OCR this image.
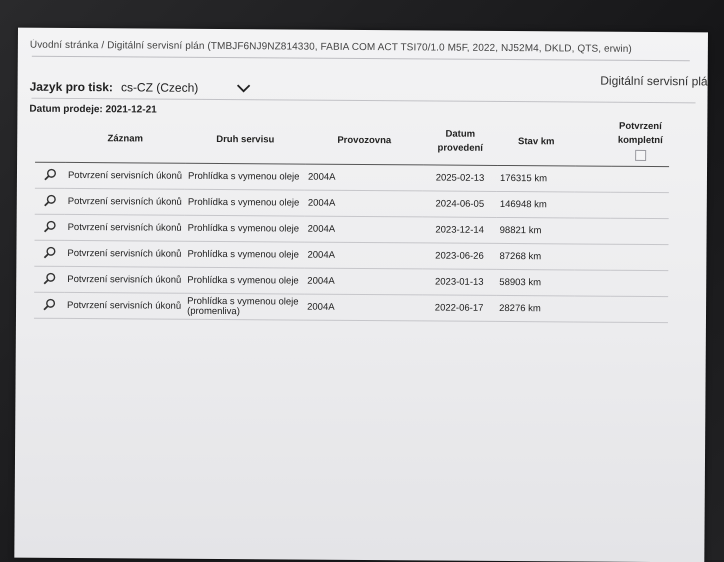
Úvodní stránka / Digitální servisní plán (TMBJF6NJ9NZ814330, FABIA COM ACT TSI70/1.0 M5F, 2022, NJ52M4, DKLD, QTS, erwin)
Digitální servisní plá
Jazyk pro tisk: cs-CZ (Czech)
Datum prodeje: 2021-12-21
	Záznam	Druh servisu	Provozovna	Datum provedení	Stav km		Potvrzení kompletní

	Potvrzení servisních úkonů	Prohlídka s vymenou oleje	2004A	2025-02-13	176315 km		
	Potvrzení servisních úkonů	Prohlídka s vymenou oleje	2004A	2024-06-05	146948 km		
	Potvrzení servisních úkonů	Prohlídka s vymenou oleje	2004A	2023-12-14	98821 km		
	Potvrzení servisních úkonů	Prohlídka s vymenou oleje	2004A	2023-06-26	87268 km		
	Potvrzení servisních úkonů	Prohlídka s vymenou oleje	2004A	2023-01-13	58903 km		
	Potvrzení servisních úkonů	Prohlídka s vymenou oleje (promenliva)	2004A	2022-06-17	28276 km		
